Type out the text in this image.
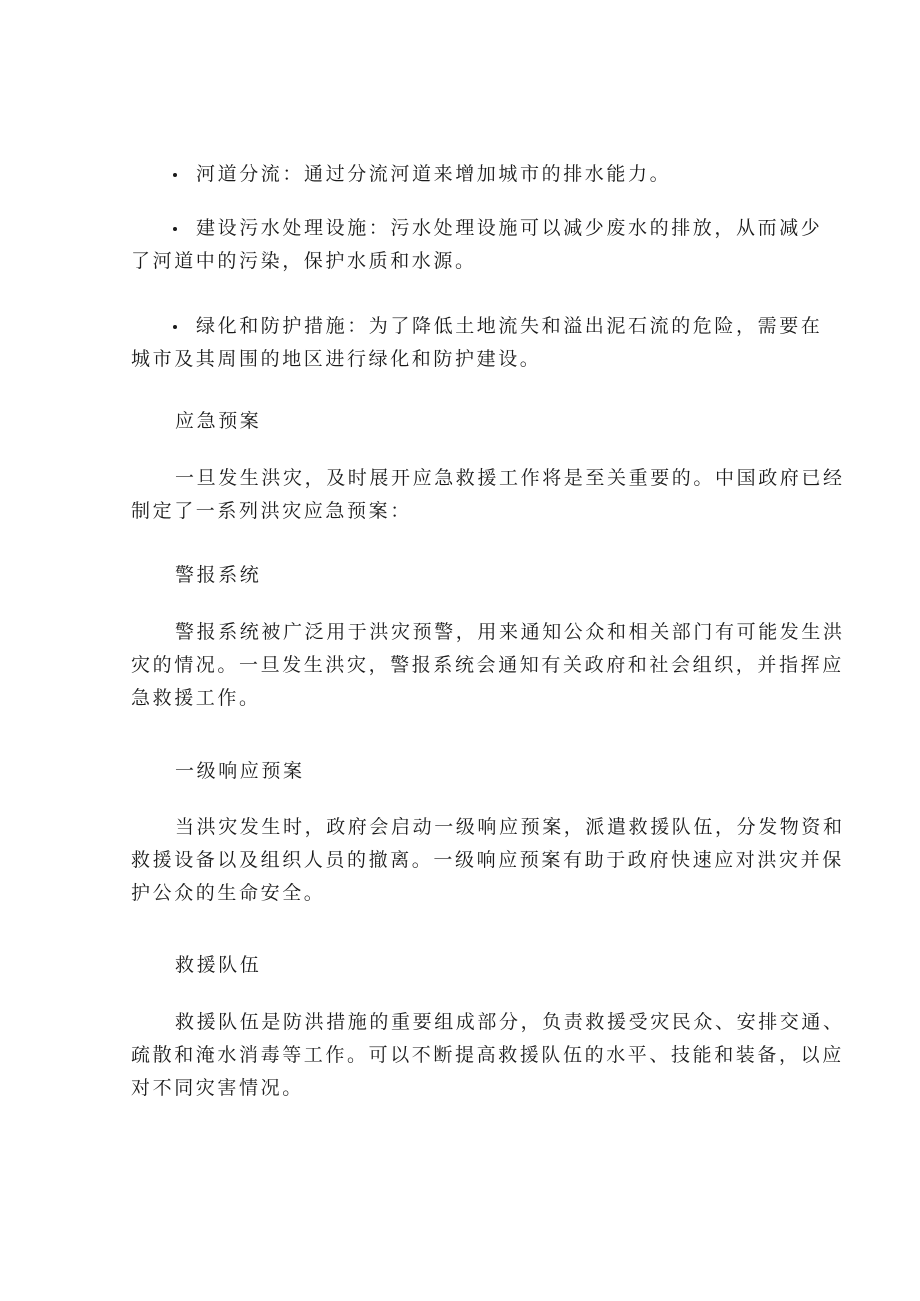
河道分流：通过分流河道来增加城市的排水能力。
建设污水处理设施：污水处理设施可以减少废水的排放，从而减少
了河道中的污染，保护水质和水源。
绿化和防护措施：为了降低土地流失和溢出泥石流的危险，需要在
城市及其周围的地区进行绿化和防护建设。
应急预案
一旦发生洪灾，及时展开应急救援工作将是至关重要的。中国政府已经
制定了一系列洪灾应急预案：
警报系统
警报系统被广泛用于洪灾预警，用来通知公众和相关部门有可能发生洪
灾的情况。一旦发生洪灾，警报系统会通知有关政府和社会组织，并指挥应
急救援工作。
一级响应预案
当洪灾发生时，政府会启动一级响应预案，派遣救援队伍，分发物资和
救援设备以及组织人员的撤离。一级响应预案有助于政府快速应对洪灾并保
护公众的生命安全。
救援队伍
救援队伍是防洪措施的重要组成部分，负责救援受灾民众、安排交通、
疏散和淹水消毒等工作。可以不断提高救援队伍的水平、技能和装备，以应
对不同灾害情况。
